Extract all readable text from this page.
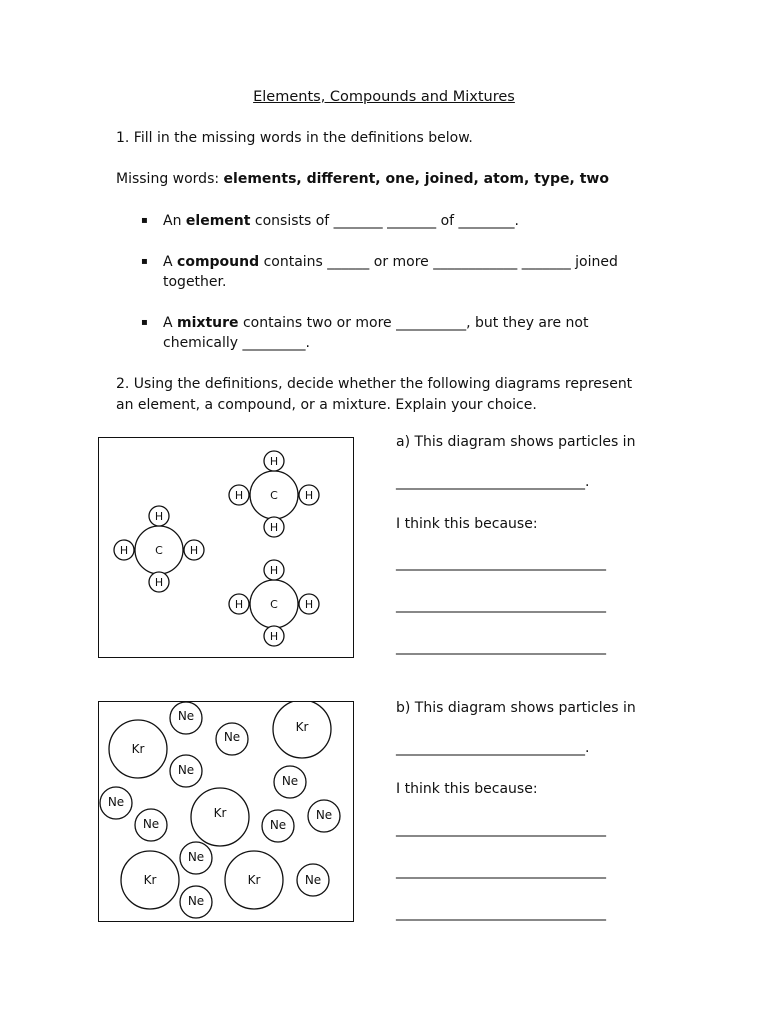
Elements, Compounds and Mixtures
1. Fill in the missing words in the definitions below.
Missing words: elements, different, one, joined, atom, type, two
▪ An element consists of _______ _______ of ________.
▪ A compound contains ______ or more ____________ _______ joined
together.
▪ A mixture contains two or more __________, but they are not
chemically _________.
2. Using the definitions, decide whether the following diagrams represent
an element, a compound, or a mixture. Explain your choice.
C
H
H
H	H
C
H
H
H	H
C
H
H
H	H
Kr
Kr
Kr
Kr	Kr
Ne
Ne
Ne
Ne
Ne
Ne	Ne
Ne
Ne
Ne
Ne
a) This diagram shows particles in
___________________________.
I think this because:
______________________________
______________________________
______________________________
b) This diagram shows particles in
___________________________.
I think this because:
______________________________
______________________________
______________________________
